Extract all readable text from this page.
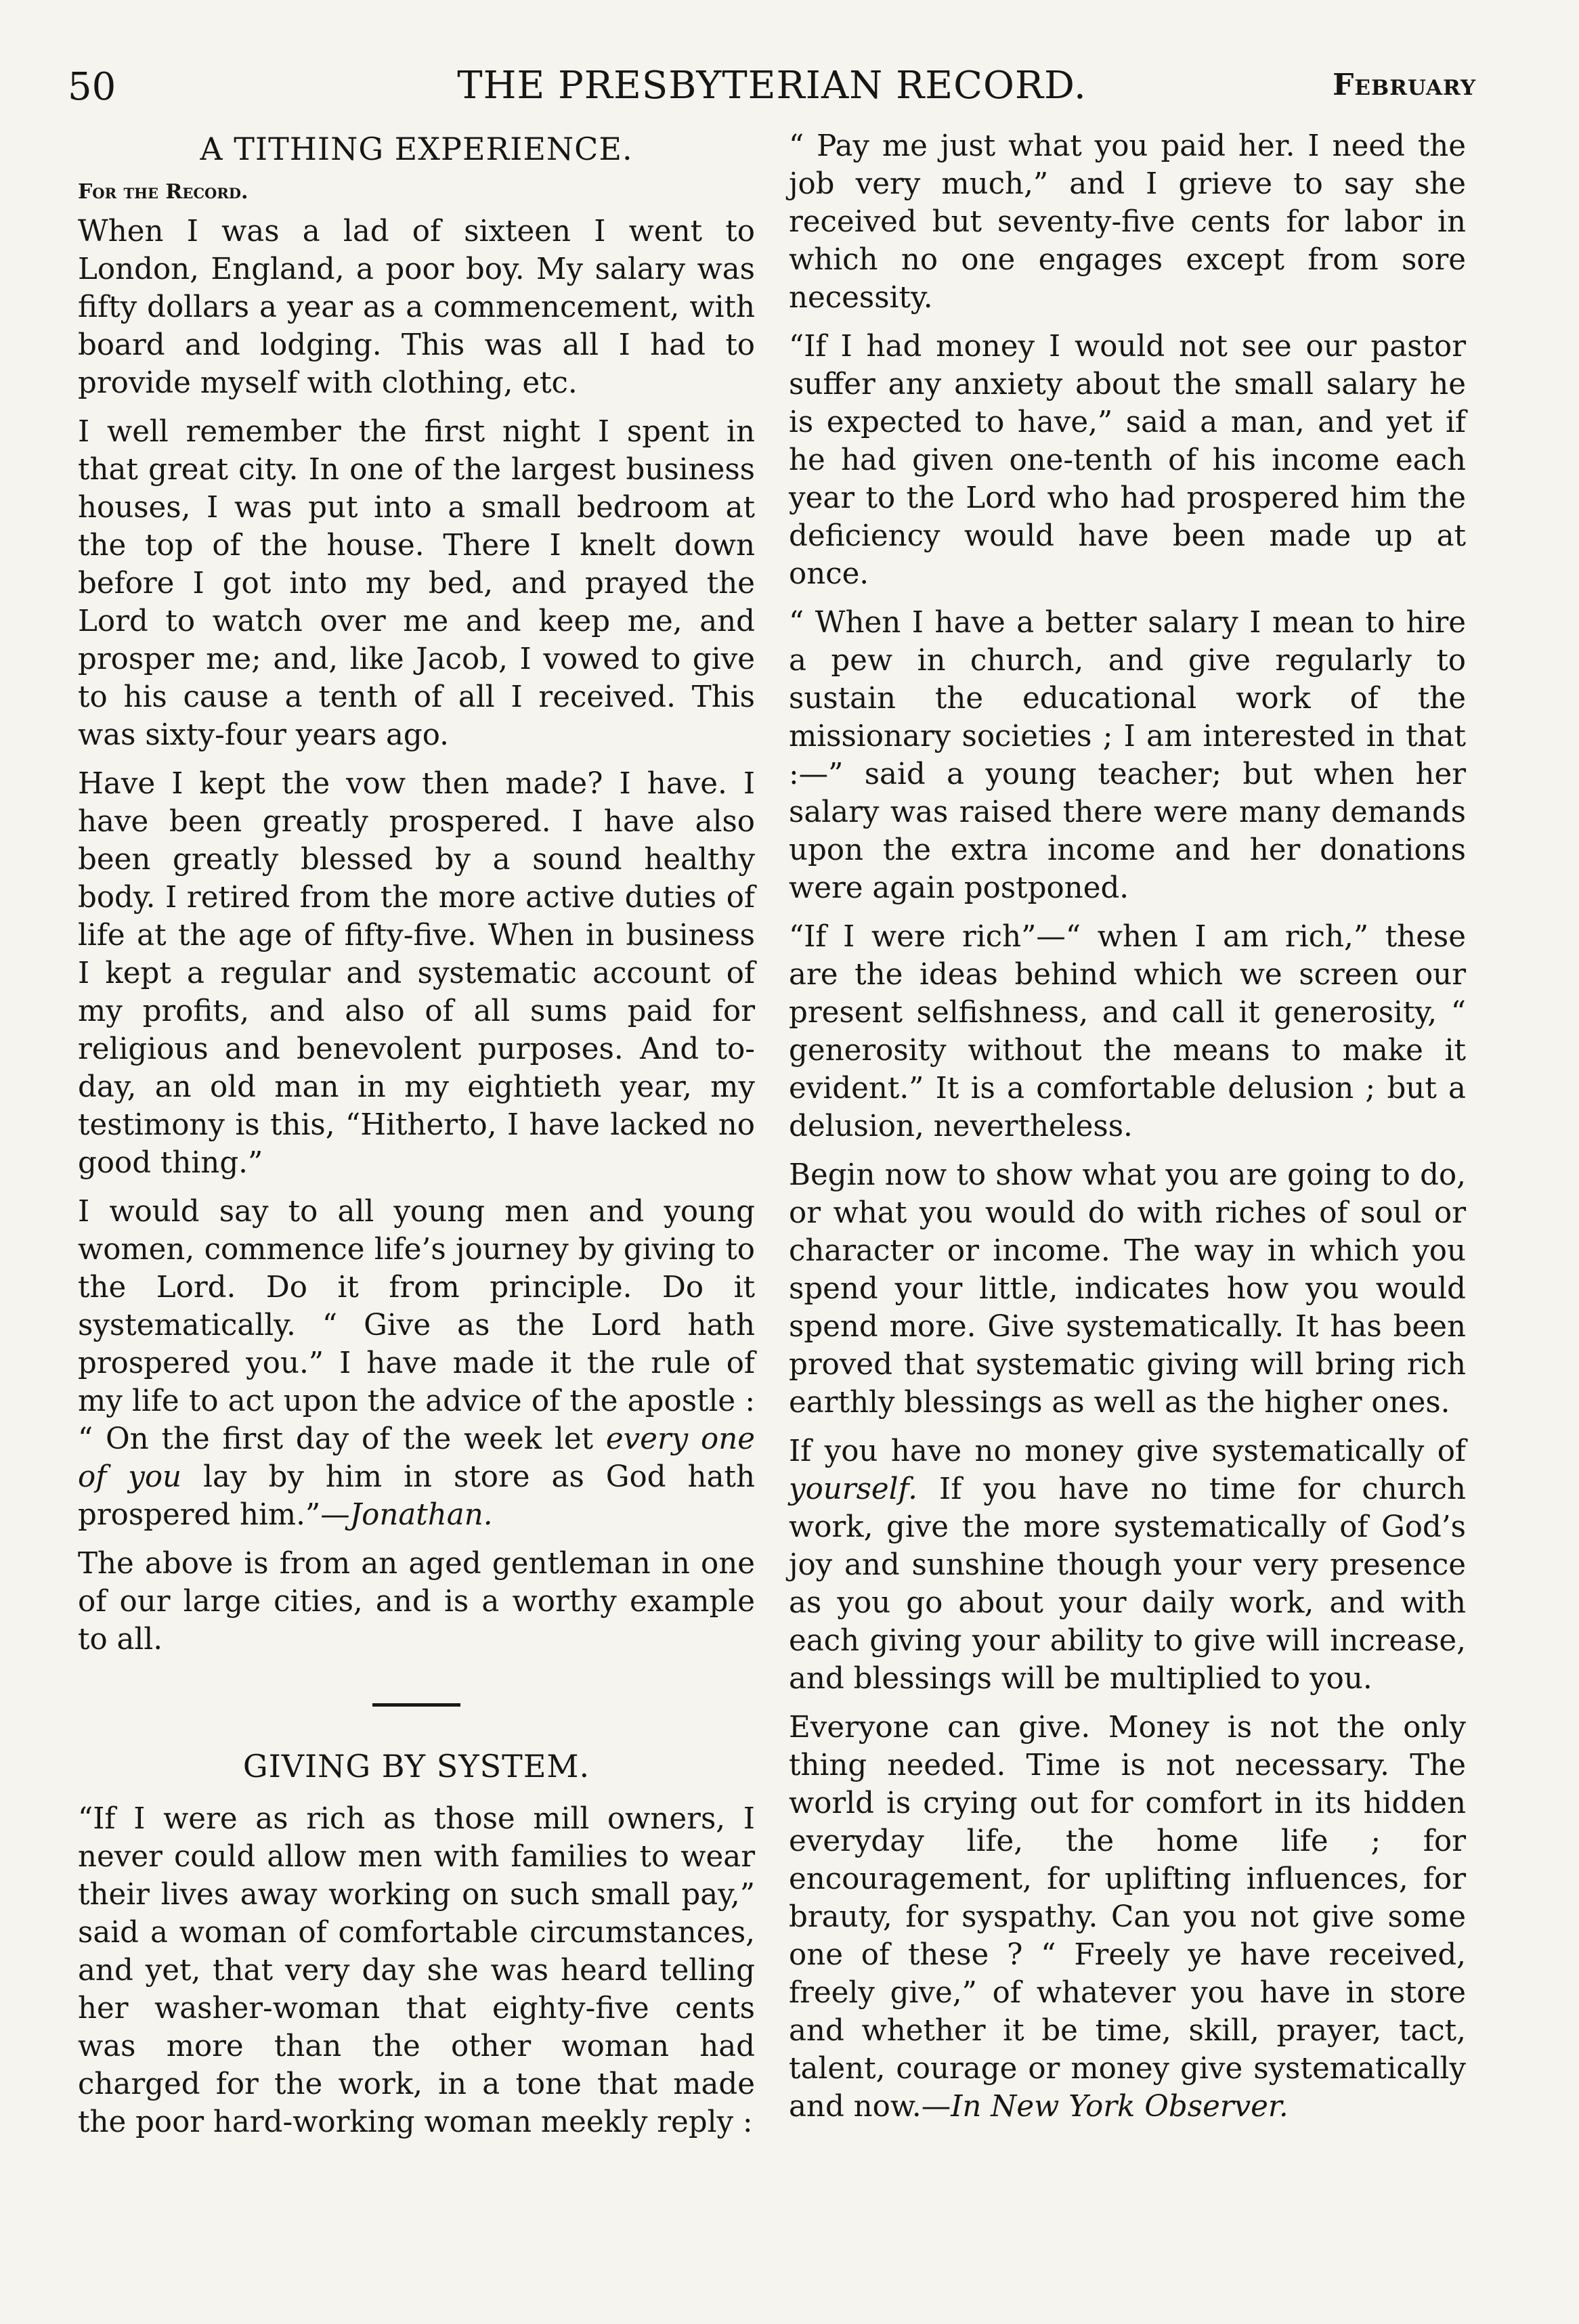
50	THE PRESBYTERIAN RECORD.	February
A TITHING EXPERIENCE.
For the Record.

When I was a lad of sixteen I went to London, England, a poor boy. My salary was fifty dollars a year as a commencement, with board and lodging. This was all I had to provide myself with clothing, etc.

I well remember the first night I spent in that great city. In one of the largest business houses, I was put into a small bedroom at the top of the house. There I knelt down before I got into my bed, and prayed the Lord to watch over me and keep me, and prosper me; and, like Jacob, I vowed to give to his cause a tenth of all I received. This was sixty-four years ago.

Have I kept the vow then made? I have. I have been greatly prospered. I have also been greatly blessed by a sound healthy body. I retired from the more active duties of life at the age of fifty-five. When in business I kept a regular and systematic account of my profits, and also of all sums paid for religious and benevolent purposes. And to-day, an old man in my eightieth year, my testimony is this, “Hitherto, I have lacked no good thing.”

I would say to all young men and young women, commence life’s journey by giving to the Lord. Do it from principle. Do it systematically. “ Give as the Lord hath prospered you.” I have made it the rule of my life to act upon the advice of the apostle : “ On the first day of the week let every one of you lay by him in store as God hath prospered him.”—Jonathan.

The above is from an aged gentleman in one of our large cities, and is a worthy example to all.

GIVING BY SYSTEM.

“If I were as rich as those mill owners, I never could allow men with families to wear their lives away working on such small pay,” said a woman of comfortable circumstances, and yet, that very day she was heard telling her washer-woman that eighty-five cents was more than the other woman had charged for the work, in a tone that made the poor hard-working woman meekly reply :

“ Pay me just what you paid her. I need the job very much,” and I grieve to say she received but seventy-five cents for labor in which no one engages except from sore necessity.

“If I had money I would not see our pastor suffer any anxiety about the small salary he is expected to have,” said a man, and yet if he had given one-tenth of his income each year to the Lord who had prospered him the deficiency would have been made up at once.

“ When I have a better salary I mean to hire a pew in church, and give regularly to sustain the educational work of the missionary societies ; I am interested in that :—” said a young teacher; but when her salary was raised there were many demands upon the extra income and her donations were again postponed.

“If I were rich”—“ when I am rich,” these are the ideas behind which we screen our present selfishness, and call it generosity, “ generosity without the means to make it evident.” It is a comfortable delusion ; but a delusion, nevertheless.

Begin now to show what you are going to do, or what you would do with riches of soul or character or income. The way in which you spend your little, indicates how you would spend more. Give systematically. It has been proved that systematic giving will bring rich earthly blessings as well as the higher ones.

If you have no money give systematically of yourself. If you have no time for church work, give the more systematically of God’s joy and sunshine though your very presence as you go about your daily work, and with each giving your ability to give will increase, and blessings will be multiplied to you.

Everyone can give. Money is not the only thing needed. Time is not necessary. The world is crying out for comfort in its hidden everyday life, the home life ; for encouragement, for uplifting influences, for brauty, for syspathy. Can you not give some one of these ? “ Freely ye have received, freely give,” of whatever you have in store and whether it be time, skill, prayer, tact, talent, courage or money give systematically and now.—In New York Observer.
